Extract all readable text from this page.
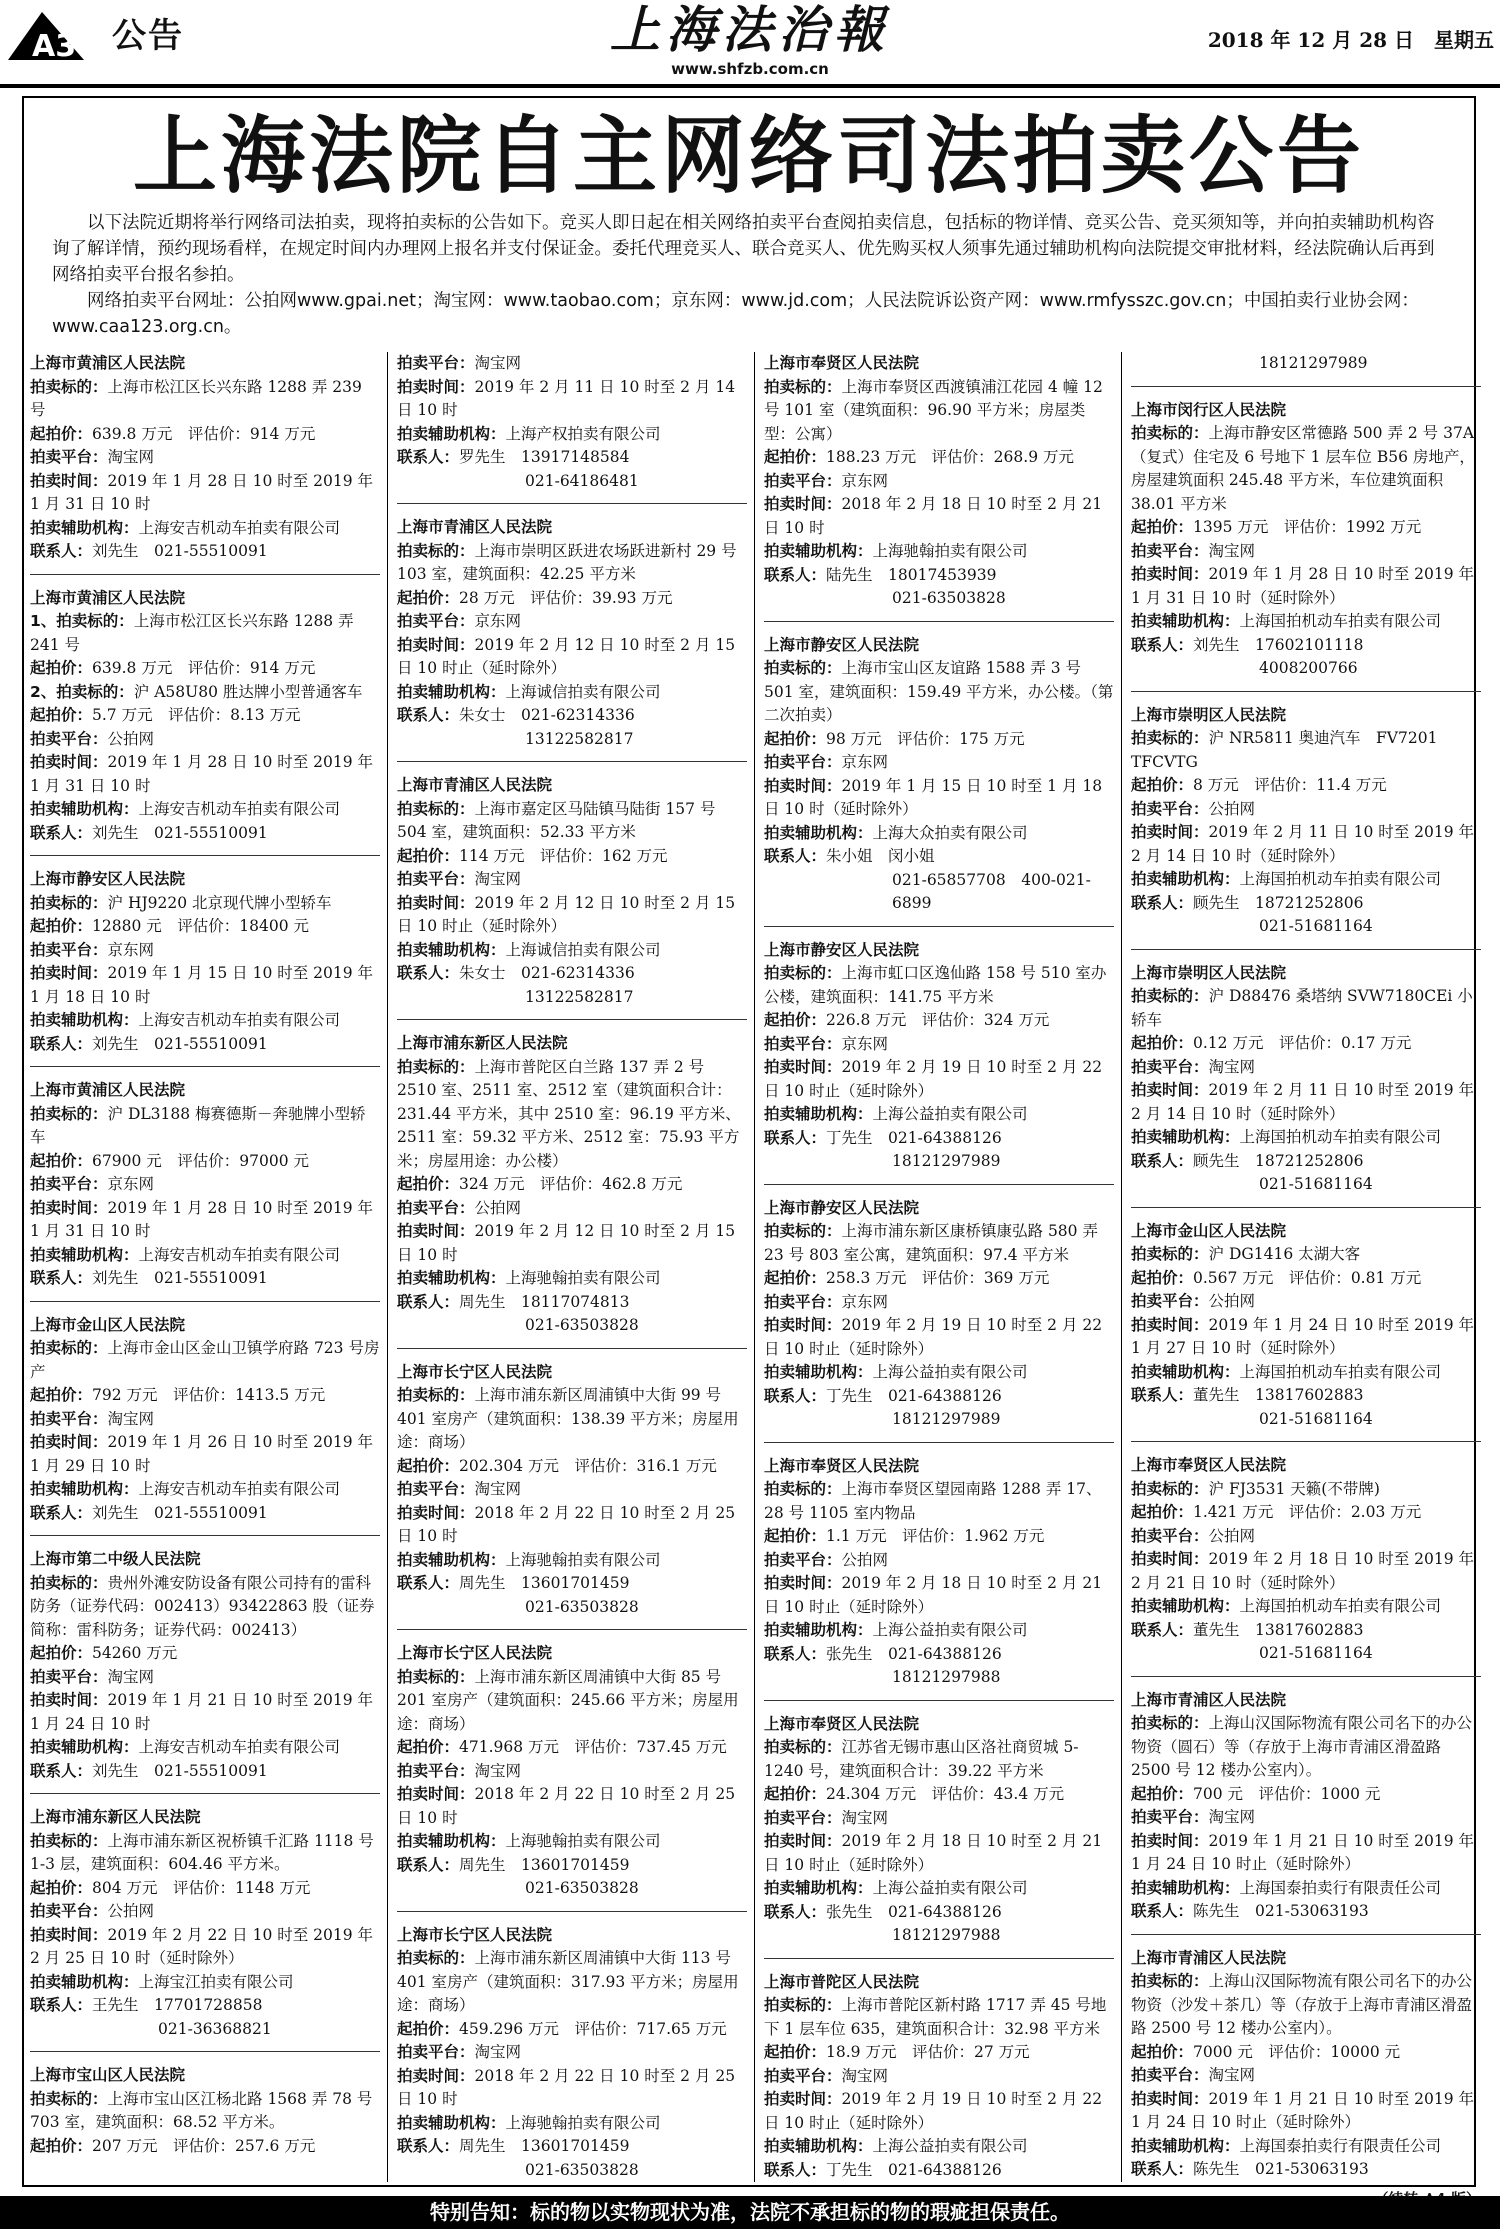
A3 公告	上海法治報
www.shfzb.com.cn
2018 年 12 月 28 日　星期五
上海法院自主网络司法拍卖公告

以下法院近期将举行网络司法拍卖，现将拍卖标的公告如下。竞买人即日起在相关网络拍卖平台查阅拍卖信息，包括标的物详情、竞买公告、竞买须知等，并向拍卖辅助机构咨询了解详情，预约现场看样，在规定时间内办理网上报名并支付保证金。委托代理竞买人、联合竞买人、优先购买权人须事先通过辅助机构向法院提交审批材料，经法院确认后再到网络拍卖平台报名参拍。

网络拍卖平台网址：公拍网www.gpai.net；淘宝网：www.taobao.com；京东网：www.jd.com；人民法院诉讼资产网：www.rmfysszc.gov.cn；中国拍卖行业协会网：www.caa123.org.cn。

上海市黄浦区人民法院
拍卖标的：上海市松江区长兴东路 1288 弄 239 号
起拍价：639.8 万元　评估价：914 万元
拍卖平台：淘宝网
拍卖时间：2019 年 1 月 28 日 10 时至 2019 年 1 月 31 日 10 时
拍卖辅助机构：上海安吉机动车拍卖有限公司
联系人：刘先生　021-55510091
上海市黄浦区人民法院
1、拍卖标的：上海市松江区长兴东路 1288 弄 241 号
起拍价：639.8 万元　评估价：914 万元
2、拍卖标的：沪 A58U80 胜达牌小型普通客车
起拍价：5.7 万元　评估价：8.13 万元
拍卖平台：公拍网
拍卖时间：2019 年 1 月 28 日 10 时至 2019 年 1 月 31 日 10 时
拍卖辅助机构：上海安吉机动车拍卖有限公司
联系人：刘先生　021-55510091
上海市静安区人民法院
拍卖标的：沪 HJ9220 北京现代牌小型轿车
起拍价：12880 元　评估价：18400 元
拍卖平台：京东网
拍卖时间：2019 年 1 月 15 日 10 时至 2019 年 1 月 18 日 10 时
拍卖辅助机构：上海安吉机动车拍卖有限公司
联系人：刘先生　021-55510091
上海市黄浦区人民法院
拍卖标的：沪 DL3188 梅赛德斯－奔驰牌小型轿车
起拍价：67900 元　评估价：97000 元
拍卖平台：京东网
拍卖时间：2019 年 1 月 28 日 10 时至 2019 年 1 月 31 日 10 时
拍卖辅助机构：上海安吉机动车拍卖有限公司
联系人：刘先生　021-55510091
上海市金山区人民法院
拍卖标的：上海市金山区金山卫镇学府路 723 号房产
起拍价：792 万元　评估价：1413.5 万元
拍卖平台：淘宝网
拍卖时间：2019 年 1 月 26 日 10 时至 2019 年 1 月 29 日 10 时
拍卖辅助机构：上海安吉机动车拍卖有限公司
联系人：刘先生　021-55510091
上海市第二中级人民法院
拍卖标的：贵州外滩安防设备有限公司持有的雷科防务（证券代码：002413）93422863 股（证券简称：雷科防务；证券代码：002413）
起拍价：54260 万元
拍卖平台：淘宝网
拍卖时间：2019 年 1 月 21 日 10 时至 2019 年 1 月 24 日 10 时
拍卖辅助机构：上海安吉机动车拍卖有限公司
联系人：刘先生　021-55510091
上海市浦东新区人民法院
拍卖标的：上海市浦东新区祝桥镇千汇路 1118 号 1-3 层，建筑面积：604.46 平方米。
起拍价：804 万元　评估价：1148 万元
拍卖平台：公拍网
拍卖时间：2019 年 2 月 22 日 10 时至 2019 年 2 月 25 日 10 时（延时除外）
拍卖辅助机构：上海宝江拍卖有限公司
联系人：王先生　17701728858
021-36368821
上海市宝山区人民法院
拍卖标的：上海市宝山区江杨北路 1568 弄 78 号 703 室，建筑面积：68.52 平方米。
起拍价：207 万元　评估价：257.6 万元
拍卖平台：淘宝网
拍卖时间：2019 年 2 月 11 日 10 时至 2 月 14 日 10 时
拍卖辅助机构：上海产权拍卖有限公司
联系人：罗先生　13917148584
021-64186481
上海市青浦区人民法院
拍卖标的：上海市崇明区跃进农场跃进新村 29 号 103 室，建筑面积：42.25 平方米
起拍价：28 万元　评估价：39.93 万元
拍卖平台：京东网
拍卖时间：2019 年 2 月 12 日 10 时至 2 月 15 日 10 时止（延时除外）
拍卖辅助机构：上海诚信拍卖有限公司
联系人：朱女士　021-62314336
13122582817
上海市青浦区人民法院
拍卖标的：上海市嘉定区马陆镇马陆街 157 号 504 室，建筑面积：52.33 平方米
起拍价：114 万元　评估价：162 万元
拍卖平台：淘宝网
拍卖时间：2019 年 2 月 12 日 10 时至 2 月 15 日 10 时止（延时除外）
拍卖辅助机构：上海诚信拍卖有限公司
联系人：朱女士　021-62314336
13122582817
上海市浦东新区人民法院
拍卖标的：上海市普陀区白兰路 137 弄 2 号 2510 室、2511 室、2512 室（建筑面积合计：231.44 平方米，其中 2510 室：96.19 平方米、2511 室：59.32 平方米、2512 室：75.93 平方米；房屋用途：办公楼）
起拍价：324 万元　评估价：462.8 万元
拍卖平台：公拍网
拍卖时间：2019 年 2 月 12 日 10 时至 2 月 15 日 10 时
拍卖辅助机构：上海驰翰拍卖有限公司
联系人：周先生　18117074813
021-63503828
上海市长宁区人民法院
拍卖标的：上海市浦东新区周浦镇中大街 99 号 401 室房产（建筑面积：138.39 平方米；房屋用途：商场）
起拍价：202.304 万元　评估价：316.1 万元
拍卖平台：淘宝网
拍卖时间：2018 年 2 月 22 日 10 时至 2 月 25 日 10 时
拍卖辅助机构：上海驰翰拍卖有限公司
联系人：周先生　13601701459
021-63503828
上海市长宁区人民法院
拍卖标的：上海市浦东新区周浦镇中大街 85 号 201 室房产（建筑面积：245.66 平方米；房屋用途：商场）
起拍价：471.968 万元　评估价：737.45 万元
拍卖平台：淘宝网
拍卖时间：2018 年 2 月 22 日 10 时至 2 月 25 日 10 时
拍卖辅助机构：上海驰翰拍卖有限公司
联系人：周先生　13601701459
021-63503828
上海市长宁区人民法院
拍卖标的：上海市浦东新区周浦镇中大街 113 号 401 室房产（建筑面积：317.93 平方米；房屋用途：商场）
起拍价：459.296 万元　评估价：717.65 万元
拍卖平台：淘宝网
拍卖时间：2018 年 2 月 22 日 10 时至 2 月 25 日 10 时
拍卖辅助机构：上海驰翰拍卖有限公司
联系人：周先生　13601701459
021-63503828
上海市奉贤区人民法院
拍卖标的：上海市奉贤区西渡镇浦江花园 4 幢 12 号 101 室（建筑面积：96.90 平方米；房屋类型：公寓）
起拍价：188.23 万元　评估价：268.9 万元
拍卖平台：京东网
拍卖时间：2018 年 2 月 18 日 10 时至 2 月 21 日 10 时
拍卖辅助机构：上海驰翰拍卖有限公司
联系人：陆先生　18017453939
021-63503828
上海市静安区人民法院
拍卖标的：上海市宝山区友谊路 1588 弄 3 号 501 室，建筑面积：159.49 平方米，办公楼。（第二次拍卖）
起拍价：98 万元　评估价：175 万元
拍卖平台：京东网
拍卖时间：2019 年 1 月 15 日 10 时至 1 月 18 日 10 时（延时除外）
拍卖辅助机构：上海大众拍卖有限公司
联系人：朱小姐　闵小姐
021-65857708　400-021-6899
上海市静安区人民法院
拍卖标的：上海市虹口区逸仙路 158 号 510 室办公楼，建筑面积：141.75 平方米
起拍价：226.8 万元　评估价：324 万元
拍卖平台：京东网
拍卖时间：2019 年 2 月 19 日 10 时至 2 月 22 日 10 时止（延时除外）
拍卖辅助机构：上海公益拍卖有限公司
联系人：丁先生　021-64388126
18121297989
上海市静安区人民法院
拍卖标的：上海市浦东新区康桥镇康弘路 580 弄 23 号 803 室公寓，建筑面积：97.4 平方米
起拍价：258.3 万元　评估价：369 万元
拍卖平台：京东网
拍卖时间：2019 年 2 月 19 日 10 时至 2 月 22 日 10 时止（延时除外）
拍卖辅助机构：上海公益拍卖有限公司
联系人：丁先生　021-64388126
18121297989
上海市奉贤区人民法院
拍卖标的：上海市奉贤区望园南路 1288 弄 17、28 号 1105 室内物品
起拍价：1.1 万元　评估价：1.962 万元
拍卖平台：公拍网
拍卖时间：2019 年 2 月 18 日 10 时至 2 月 21 日 10 时止（延时除外）
拍卖辅助机构：上海公益拍卖有限公司
联系人：张先生　021-64388126
18121297988
上海市奉贤区人民法院
拍卖标的：江苏省无锡市惠山区洛社商贸城 5-1240 号，建筑面积合计：39.22 平方米
起拍价：24.304 万元　评估价：43.4 万元
拍卖平台：淘宝网
拍卖时间：2019 年 2 月 18 日 10 时至 2 月 21 日 10 时止（延时除外）
拍卖辅助机构：上海公益拍卖有限公司
联系人：张先生　021-64388126
18121297988
上海市普陀区人民法院
拍卖标的：上海市普陀区新村路 1717 弄 45 号地下 1 层车位 635，建筑面积合计：32.98 平方米
起拍价：18.9 万元　评估价：27 万元
拍卖平台：淘宝网
拍卖时间：2019 年 2 月 19 日 10 时至 2 月 22 日 10 时止（延时除外）
拍卖辅助机构：上海公益拍卖有限公司
联系人：丁先生　021-64388126
18121297989
上海市闵行区人民法院
拍卖标的：上海市静安区常德路 500 弄 2 号 37A（复式）住宅及 6 号地下 1 层车位 B56 房地产，房屋建筑面积 245.48 平方米，车位建筑面积 38.01 平方米
起拍价：1395 万元　评估价：1992 万元
拍卖平台：淘宝网
拍卖时间：2019 年 1 月 28 日 10 时至 2019 年 1 月 31 日 10 时（延时除外）
拍卖辅助机构：上海国拍机动车拍卖有限公司
联系人：刘先生　17602101118
4008200766
上海市崇明区人民法院
拍卖标的：沪 NR5811 奥迪汽车　FV7201 TFCVTG
起拍价：8 万元　评估价：11.4 万元
拍卖平台：公拍网
拍卖时间：2019 年 2 月 11 日 10 时至 2019 年 2 月 14 日 10 时（延时除外）
拍卖辅助机构：上海国拍机动车拍卖有限公司
联系人：顾先生　18721252806
021-51681164
上海市崇明区人民法院
拍卖标的：沪 D88476 桑塔纳 SVW7180CEi 小轿车
起拍价：0.12 万元　评估价：0.17 万元
拍卖平台：淘宝网
拍卖时间：2019 年 2 月 11 日 10 时至 2019 年 2 月 14 日 10 时（延时除外）
拍卖辅助机构：上海国拍机动车拍卖有限公司
联系人：顾先生　18721252806
021-51681164
上海市金山区人民法院
拍卖标的：沪 DG1416 太湖大客
起拍价：0.567 万元　评估价：0.81 万元
拍卖平台：公拍网
拍卖时间：2019 年 1 月 24 日 10 时至 2019 年 1 月 27 日 10 时（延时除外）
拍卖辅助机构：上海国拍机动车拍卖有限公司
联系人：董先生　13817602883
021-51681164
上海市奉贤区人民法院
拍卖标的：沪 FJ3531 天籁(不带牌)
起拍价：1.421 万元　评估价：2.03 万元
拍卖平台：公拍网
拍卖时间：2019 年 2 月 18 日 10 时至 2019 年 2 月 21 日 10 时（延时除外）
拍卖辅助机构：上海国拍机动车拍卖有限公司
联系人：董先生　13817602883
021-51681164
上海市青浦区人民法院
拍卖标的：上海山汉国际物流有限公司名下的办公物资（圆石）等（存放于上海市青浦区滑盈路 2500 号 12 楼办公室内）。
起拍价：700 元　评估价：1000 元
拍卖平台：淘宝网
拍卖时间：2019 年 1 月 21 日 10 时至 2019 年 1 月 24 日 10 时止（延时除外）
拍卖辅助机构：上海国泰拍卖行有限责任公司
联系人：陈先生　021-53063193
上海市青浦区人民法院
拍卖标的：上海山汉国际物流有限公司名下的办公物资（沙发＋茶几）等（存放于上海市青浦区滑盈路 2500 号 12 楼办公室内）。
起拍价：7000 元　评估价：10000 元
拍卖平台：淘宝网
拍卖时间：2019 年 1 月 21 日 10 时至 2019 年 1 月 24 日 10 时止（延时除外）
拍卖辅助机构：上海国泰拍卖行有限责任公司
联系人：陈先生　021-53063193
特别告知：标的物以实物现状为准，法院不承担标的物的瑕疵担保责任。
